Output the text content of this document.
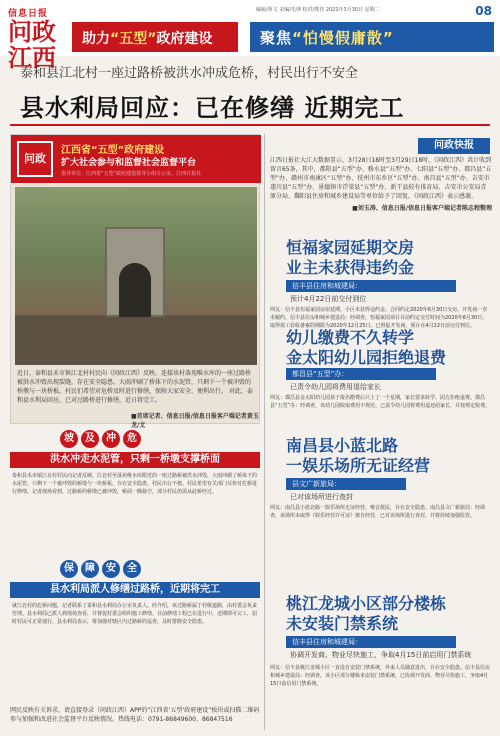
信息日报
问政江西
编辑/黄文 美编/毛坤 校对/熊佳 2021年3月30日 星期二	08
助力“五型”政府建设	聚焦“怕慢假庸散”
泰和县江北村一座过路桥被洪水冲成危桥，村民出行不安全
县水利局回应：已在修缮 近期完工
问政
江西省“五型”政府建设
扩大社会参与和监督社会监督平台
指导单位：江西省“五型”政府建设领导小组办公室、江西日报社
近日，泰和县禾市镇江北村村民向《问政江西》反映，连接该村落苑唯水库的一座过路桥被洪水冲毁出现裂缝，存在安全隐患。大雨冲刷了桥体下的水泥管，只剩下一个被冲毁的桥墩与一块桥板。村民们希望对危桥及时进行修缮，保障大家安全、便利出行。 对此，泰和县水利局回应，已对过路桥进行修缮，近日将完工。
■首席记者、信息日报/信息日报客户端记者黄玉龙/文
问政快报
江西日报社大江大数据显示，3月28日18时至3月29日18时，《问政江西》共计收到留言65条，其中，都阳县“五型”办、修水县“五型”办、七阳县“五型”办、都昌县“五型”办、赣州市南康区“五型”办、抚州市东乡区“五型”办、南昌县“五型”办、吉安市遂川县“五型”办、景德镇市浮梁县“五型”办、新干县较有体育局、吉安市公安局青原分局、鄱阳县住房和城乡建设局等单位给予了回复。《问政江西》表示感谢。
■刘玉涛、信息日报/信息日报客户端记者陈志程整理
恒福家园延期交房
业主未获得违约金
信丰县住房和城建局：
预计4月22日前交付到位
网友：信丰县恒福家园房屋延期，小区未获得违约金。合同约定2020年6月30日交房，开发商一直未履约。信丰县住房和城乡建设局：经调查，恒福家园项目目前约定交付时间为2020年6月30日，取得竣工验收备案的期限为2020年12月25日。已督促开发商，预计在4月22日前交付到位。
幼儿缴费不久转学
金太阳幼儿园拒绝退费
都昌县“五型”办：
已责令幼儿园将费用退给家长
网友：都昌县金太阳幼儿园孩子报名缴费后只上了一个星期，家长要求转学，园方拒绝退费。都昌县“五型”办：经调查，该幼儿园收取费用不规范，已责令幼儿园将费用退还给家长，并按规定收费。
南昌县小蓝北路
一娱乐场所无证经营
县文广新旅局：
已对该场所进行查封
网友：南昌县小蓝北路一娱乐场所无证经营，噪音扰民，存在安全隐患。南昌县文广新旅局：经调查，该场所未取得《娱乐经营许可证》擅自经营，已对该场所进行查封，并将持续加强监管。
桃江龙城小区部分楼栋
未安装门禁系统
信丰县住房和城建局：
协调开发商、物业尽快施工，争取4月15日前启用门禁系统
网友：信丰县桃江龙城小区一直没有安装门禁系统，外来人员随意进出，存在安全隐患。信丰县住房和城乡建设局：经调查，该小区部分楼栋未安装门禁系统，已协调开发商、物业尽快施工，争取4月15日前启用门禁系统。
坡	及	冲	危
洪水冲走水泥管，只剩一桥墩支撑桥面
泰和县禾市镇江北村村民向记者反映，江北村至落苑唯水库附近的一座过路桥被洪水冲毁，大雨冲刷了桥体下的水泥管，只剩下一个被冲毁的桥墩与一块桥板，存在安全隐患，村民出行不便。村民希望有关部门尽快对危桥进行修缮。记者现场看到，过路桥的桥墩已被冲毁，桥面一侧悬空，部分村民仍需从此桥经过。
保	障	安	全
县水利局派人修缮过路桥，近期将完工
就江北村的危桥问题，记者联系了泰和县水利局办公室负责人。经介绍，该过路桥属于村级道路，由村委会负责管理。县水利局已派人到现场查看，并督促村委会组织施工修缮。目前修缮工程已在进行中，近期即可完工，届时村民可正常通行。县水利局表示，将加强对辖区内过路桥的巡查，及时排除安全隐患。
网民反映有关诉求，请直接登录（问政江西）APP的“江西省‘五型’政府建设”板块或扫描二维码参与加强和改进社会监督平台反映情况。热线电话：0791-86849600、86847516
